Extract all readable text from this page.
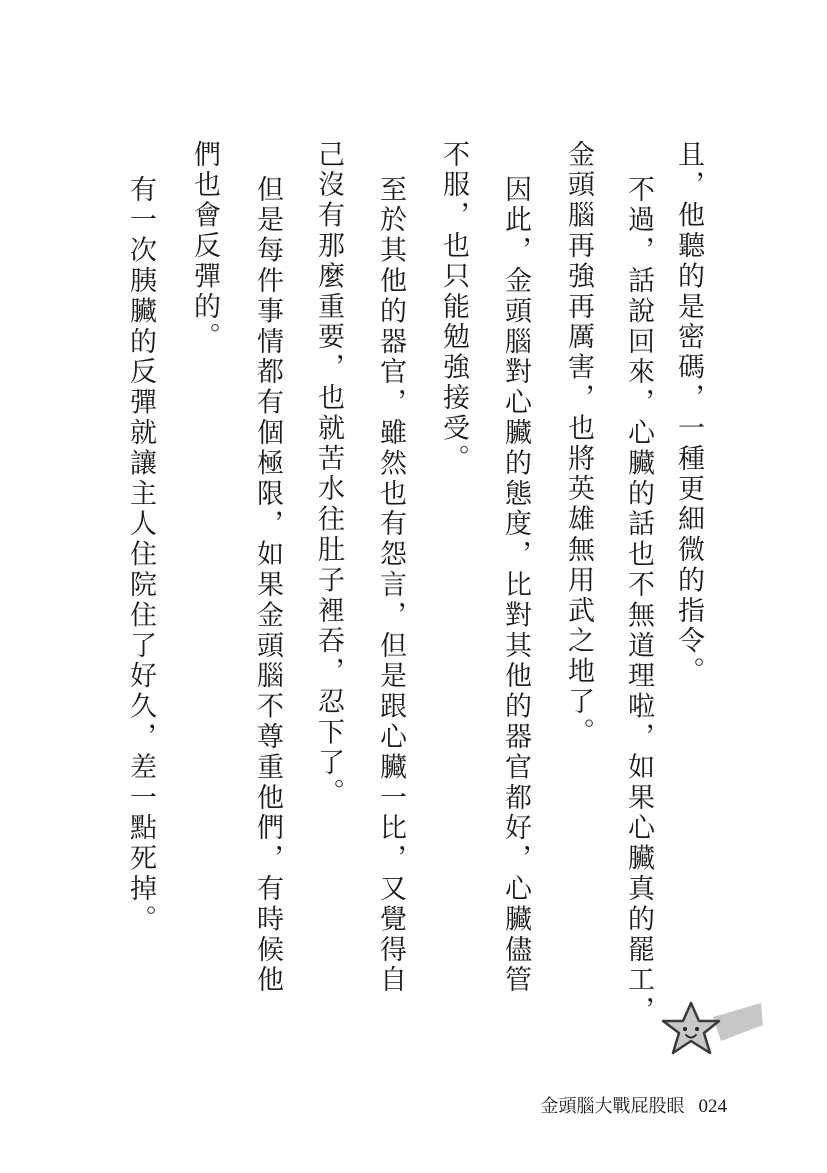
且，他聽的是密碼，一種更細微的指令。
不過，話說回來，心臟的話也不無道理啦，如果心臟真的罷工，
金頭腦再強再厲害，也將英雄無用武之地了。
因此，金頭腦對心臟的態度，比對其他的器官都好，心臟儘管
不服，也只能勉強接受。
至於其他的器官，雖然也有怨言，但是跟心臟一比，又覺得自
己沒有那麼重要，也就苦水往肚子裡吞，忍下了。
但是每件事情都有個極限，如果金頭腦不尊重他們，有時候他
們也會反彈的。
有一次胰臟的反彈就讓主人住院住了好久，差一點死掉。
金頭腦大戰屁股眼 024
